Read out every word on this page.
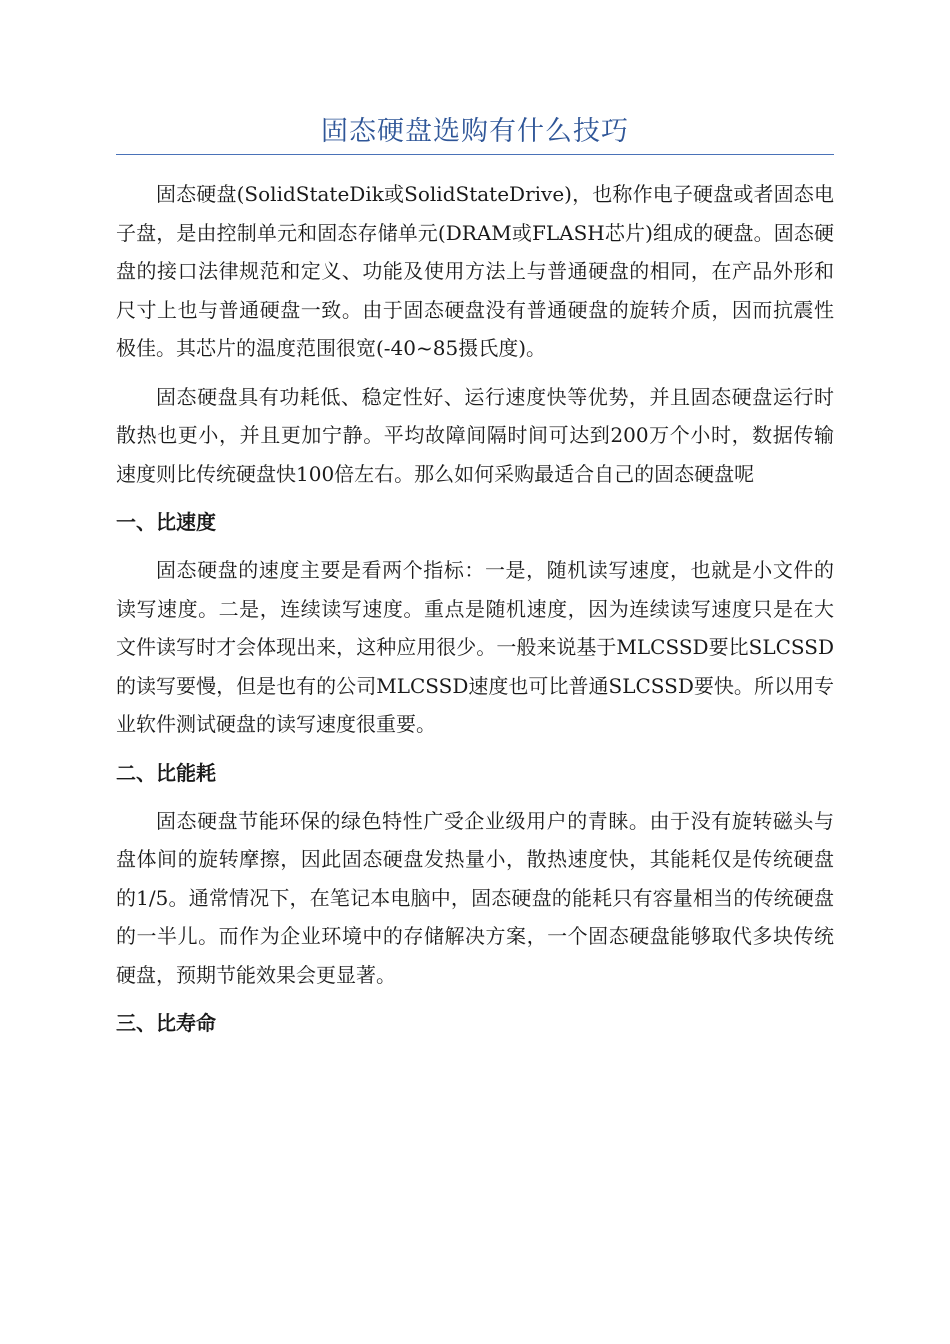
固态硬盘选购有什么技巧

固态硬盘(SolidStateDik或SolidStateDrive)，也称作电子硬盘或者固态电子盘，是由控制单元和固态存储单元(DRAM或FLASH芯片)组成的硬盘。固态硬盘的接口法律规范和定义、功能及使用方法上与普通硬盘的相同，在产品外形和尺寸上也与普通硬盘一致。由于固态硬盘没有普通硬盘的旋转介质，因而抗震性极佳。其芯片的温度范围很宽(-40~85摄氏度)。

固态硬盘具有功耗低、稳定性好、运行速度快等优势，并且固态硬盘运行时散热也更小，并且更加宁静。平均故障间隔时间可达到200万个小时，数据传输速度则比传统硬盘快100倍左右。那么如何采购最适合自己的固态硬盘呢

一、比速度

固态硬盘的速度主要是看两个指标：一是，随机读写速度，也就是小文件的读写速度。二是，连续读写速度。重点是随机速度，因为连续读写速度只是在大文件读写时才会体现出来，这种应用很少。一般来说基于MLCSSD要比SLCSSD的读写要慢，但是也有的公司MLCSSD速度也可比普通SLCSSD要快。所以用专业软件测试硬盘的读写速度很重要。

二、比能耗

固态硬盘节能环保的绿色特性广受企业级用户的青睐。由于没有旋转磁头与盘体间的旋转摩擦，因此固态硬盘发热量小，散热速度快，其能耗仅是传统硬盘的1/5。通常情况下，在笔记本电脑中，固态硬盘的能耗只有容量相当的传统硬盘的一半儿。而作为企业环境中的存储解决方案，一个固态硬盘能够取代多块传统硬盘，预期节能效果会更显著。

三、比寿命
